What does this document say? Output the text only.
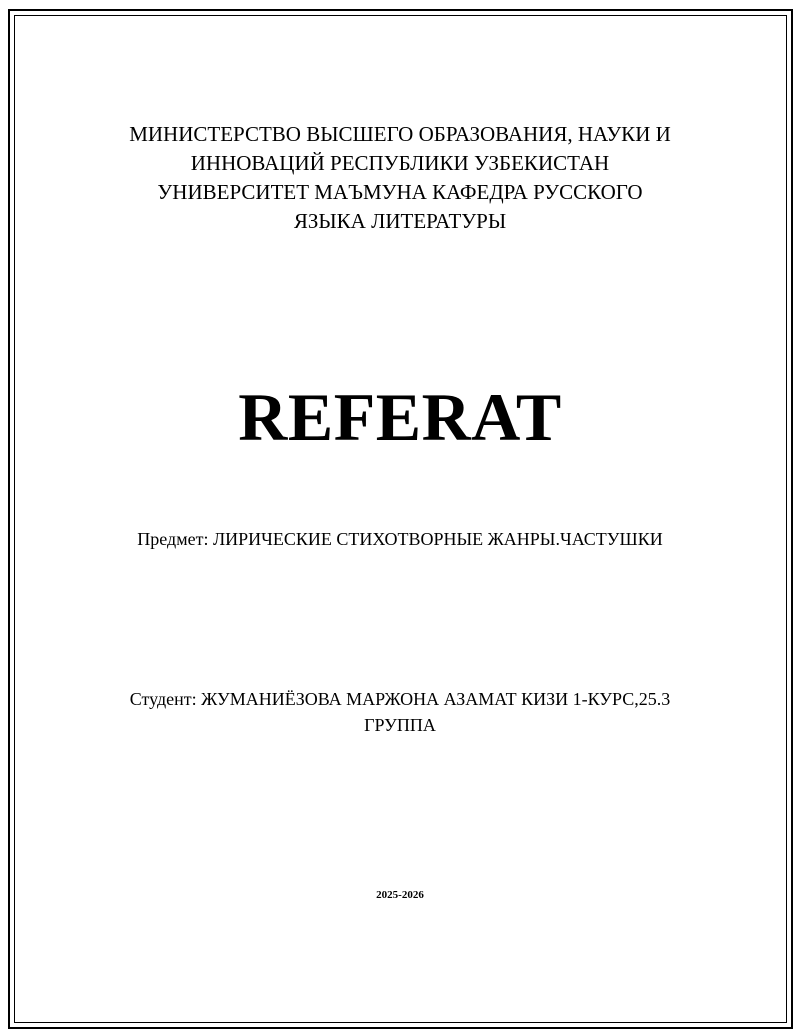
МИНИСТЕРСТВО ВЫСШЕГО ОБРАЗОВАНИЯ, НАУКИ И
ИННОВАЦИЙ РЕСПУБЛИКИ УЗБЕКИСТАН
УНИВЕРСИТЕТ МАЪМУНА КАФЕДРА РУССКОГО
ЯЗЫКА ЛИТЕРАТУРЫ
REFERAT
Предмет: ЛИРИЧЕСКИЕ СТИХОТВОРНЫЕ ЖАНРЫ.ЧАСТУШКИ
Студент: ЖУМАНИЁЗОВА МАРЖОНА АЗАМАТ КИЗИ 1-КУРС,25.3
ГРУППА
2025-2026
